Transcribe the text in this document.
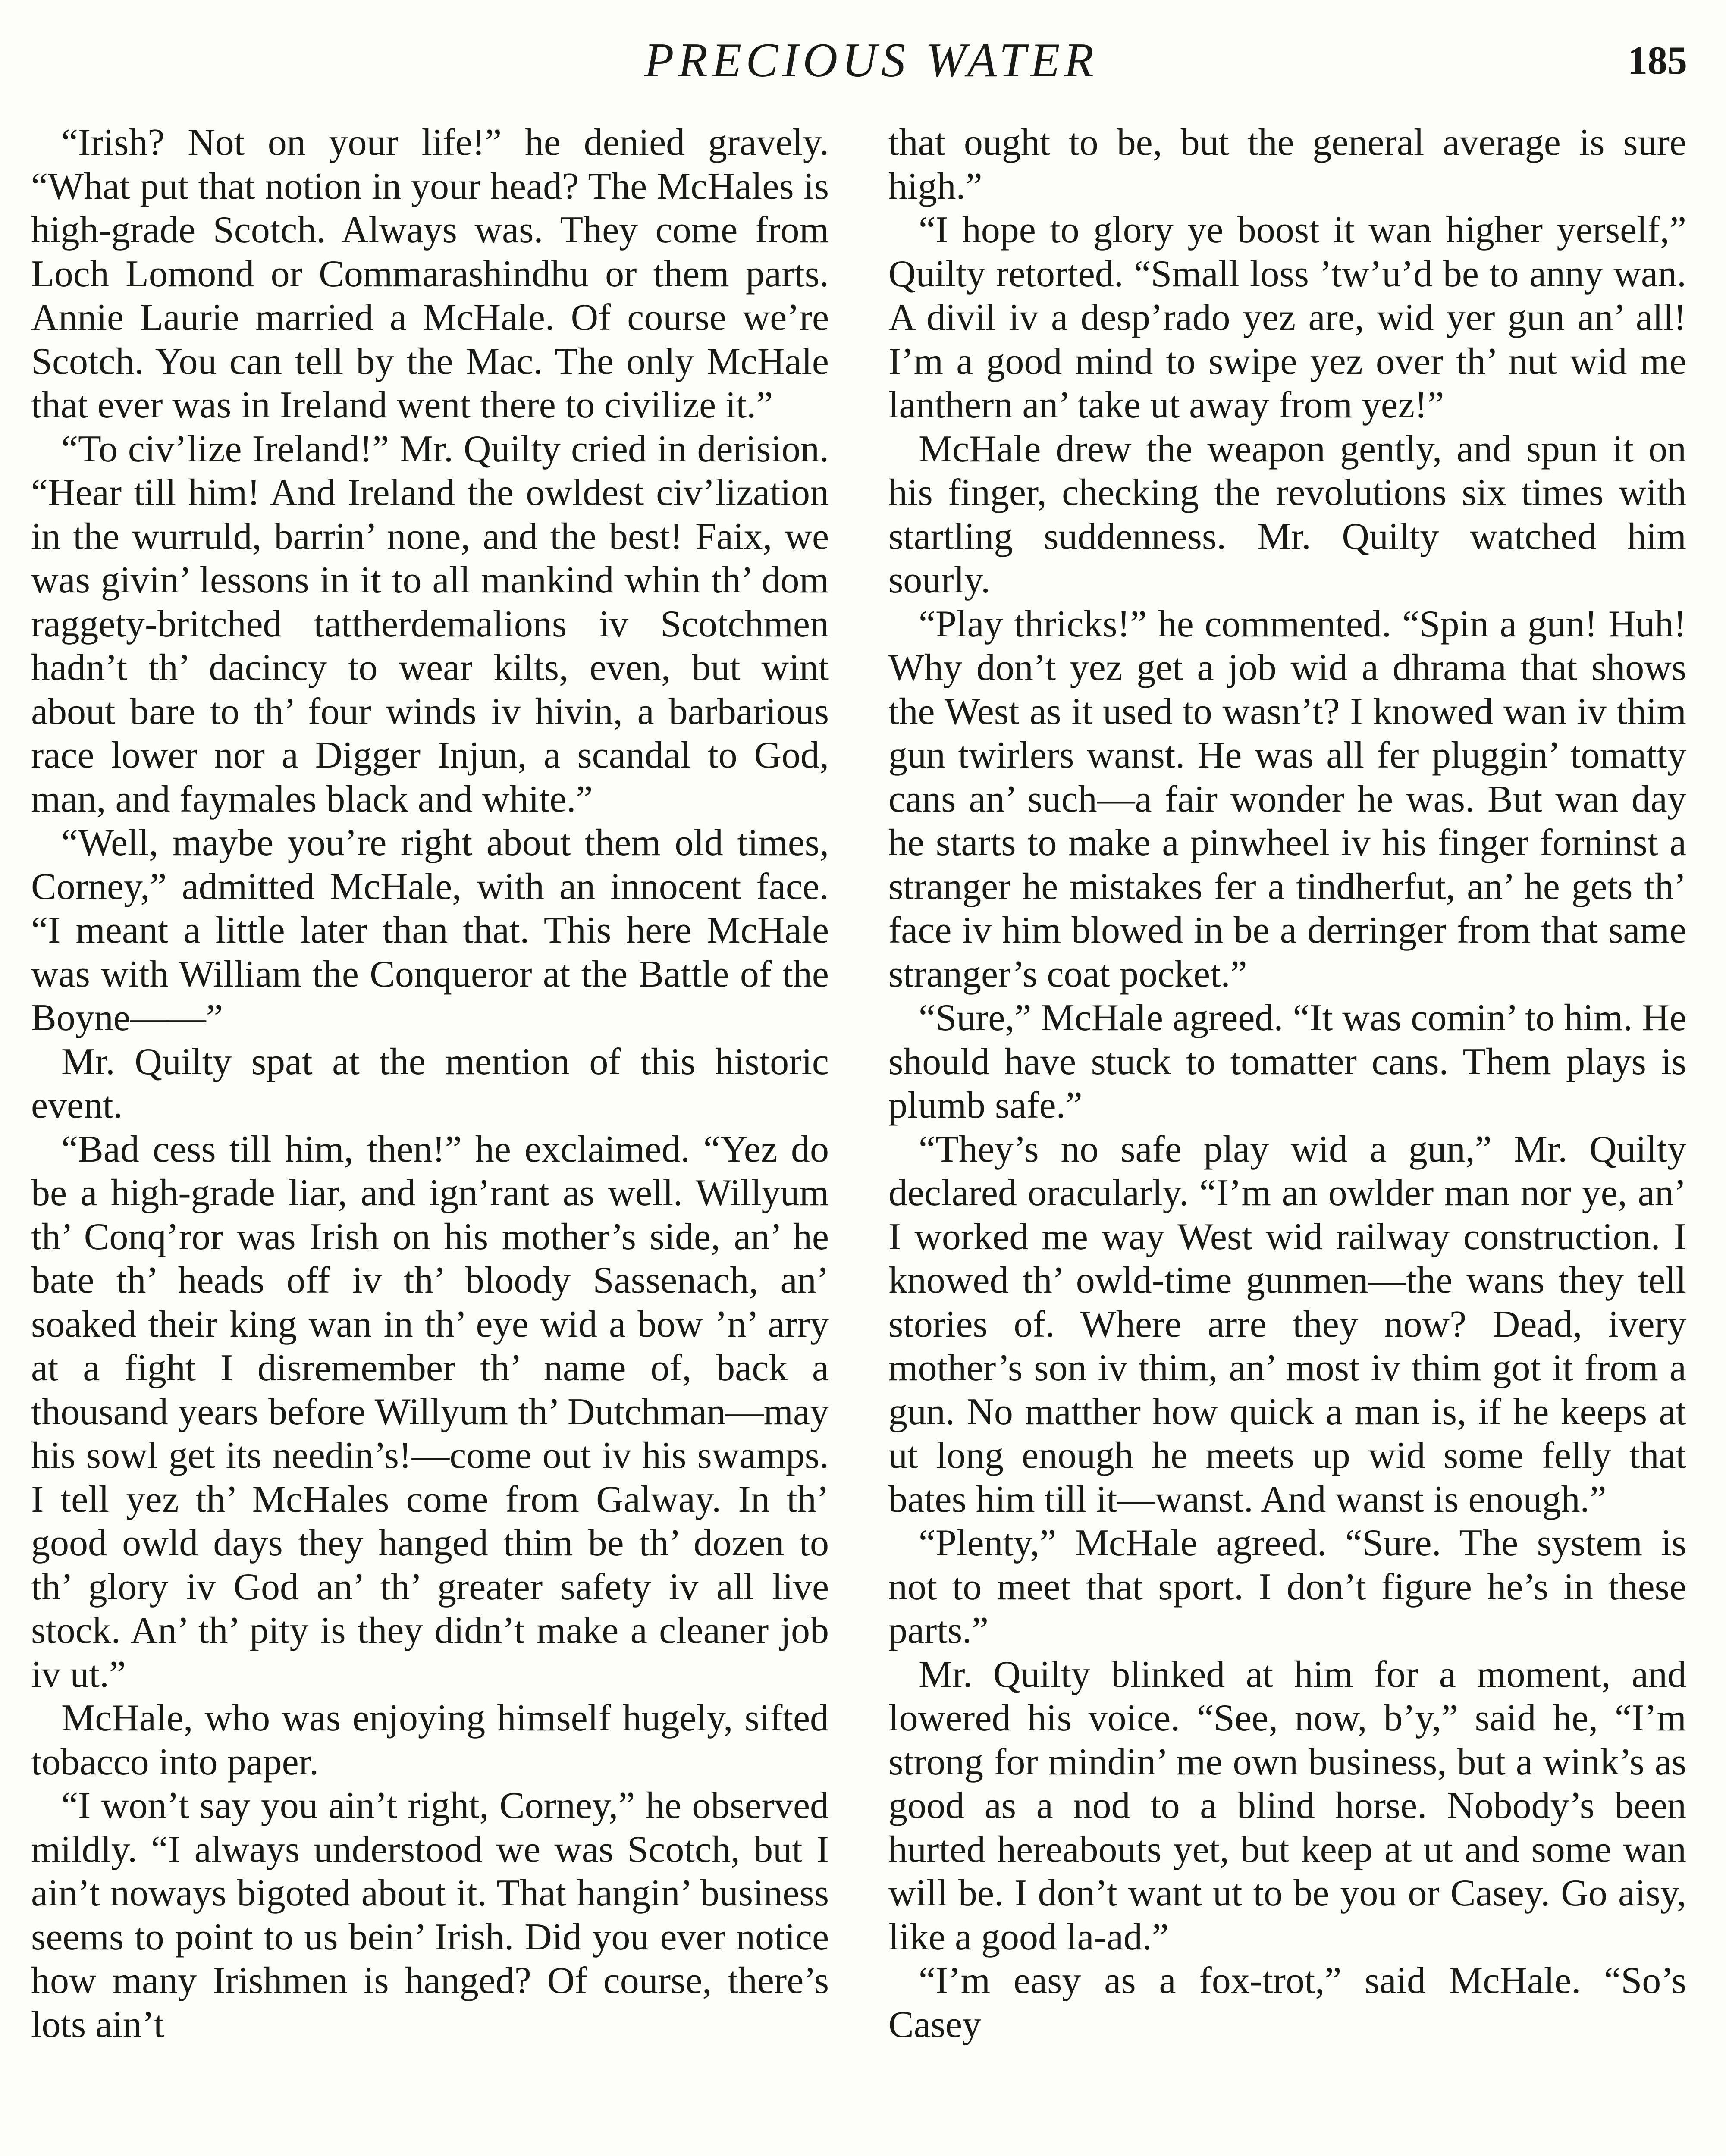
PRECIOUS WATER	185

“Irish? Not on your life!” he denied gravely. “What put that notion in your head? The McHales is high-grade Scotch. Always was. They come from Loch Lomond or Commarashindhu or them parts. Annie Laurie married a McHale. Of course we’re Scotch. You can tell by the Mac. The only McHale that ever was in Ireland went there to civilize it.”

“To civ’lize Ireland!” Mr. Quilty cried in derision. “Hear till him! And Ireland the owldest civ’lization in the wurruld, barrin’ none, and the best! Faix, we was givin’ lessons in it to all mankind whin th’ dom raggety-britched tattherdemalions iv Scotchmen hadn’t th’ dacincy to wear kilts, even, but wint about bare to th’ four winds iv hivin, a barbarious race lower nor a Digger Injun, a scandal to God, man, and faymales black and white.”

“Well, maybe you’re right about them old times, Corney,” admitted McHale, with an innocent face. “I meant a little later than that. This here McHale was with William the Conqueror at the Battle of the Boyne——”

Mr. Quilty spat at the mention of this historic event.

“Bad cess till him, then!” he exclaimed. “Yez do be a high-grade liar, and ign’rant as well. Willyum th’ Conq’ror was Irish on his mother’s side, an’ he bate th’ heads off iv th’ bloody Sassenach, an’ soaked their king wan in th’ eye wid a bow ’n’ arry at a fight I disremember th’ name of, back a thousand years before Willyum th’ Dutchman—may his sowl get its needin’s!—come out iv his swamps. I tell yez th’ McHales come from Galway. In th’ good owld days they hanged thim be th’ dozen to th’ glory iv God an’ th’ greater safety iv all live stock. An’ th’ pity is they didn’t make a cleaner job iv ut.”

McHale, who was enjoying himself hugely, sifted tobacco into paper.

“I won’t say you ain’t right, Corney,” he observed mildly. “I always understood we was Scotch, but I ain’t noways bigoted about it. That hangin’ business seems to point to us bein’ Irish. Did you ever notice how many Irishmen is hanged? Of course, there’s lots ain’t

that ought to be, but the general average is sure high.”

“I hope to glory ye boost it wan higher yerself,” Quilty retorted. “Small loss ’tw’u’d be to anny wan. A divil iv a desp’rado yez are, wid yer gun an’ all! I’m a good mind to swipe yez over th’ nut wid me lanthern an’ take ut away from yez!”

McHale drew the weapon gently, and spun it on his finger, checking the revolutions six times with startling suddenness. Mr. Quilty watched him sourly.

“Play thricks!” he commented. “Spin a gun! Huh! Why don’t yez get a job wid a dhrama that shows the West as it used to wasn’t? I knowed wan iv thim gun twirlers wanst. He was all fer pluggin’ tomatty cans an’ such—a fair wonder he was. But wan day he starts to make a pinwheel iv his finger forninst a stranger he mistakes fer a tindherfut, an’ he gets th’ face iv him blowed in be a derringer from that same stranger’s coat pocket.”

“Sure,” McHale agreed. “It was comin’ to him. He should have stuck to tomatter cans. Them plays is plumb safe.”

“They’s no safe play wid a gun,” Mr. Quilty declared oracularly. “I’m an owlder man nor ye, an’ I worked me way West wid railway construction. I knowed th’ owld-time gunmen—the wans they tell stories of. Where arre they now? Dead, ivery mother’s son iv thim, an’ most iv thim got it from a gun. No matther how quick a man is, if he keeps at ut long enough he meets up wid some felly that bates him till it—wanst. And wanst is enough.”

“Plenty,” McHale agreed. “Sure. The system is not to meet that sport. I don’t figure he’s in these parts.”

Mr. Quilty blinked at him for a moment, and lowered his voice. “See, now, b’y,” said he, “I’m strong for mindin’ me own business, but a wink’s as good as a nod to a blind horse. Nobody’s been hurted hereabouts yet, but keep at ut and some wan will be. I don’t want ut to be you or Casey. Go aisy, like a good la-ad.”

“I’m easy as a fox-trot,” said McHale. “So’s Casey
